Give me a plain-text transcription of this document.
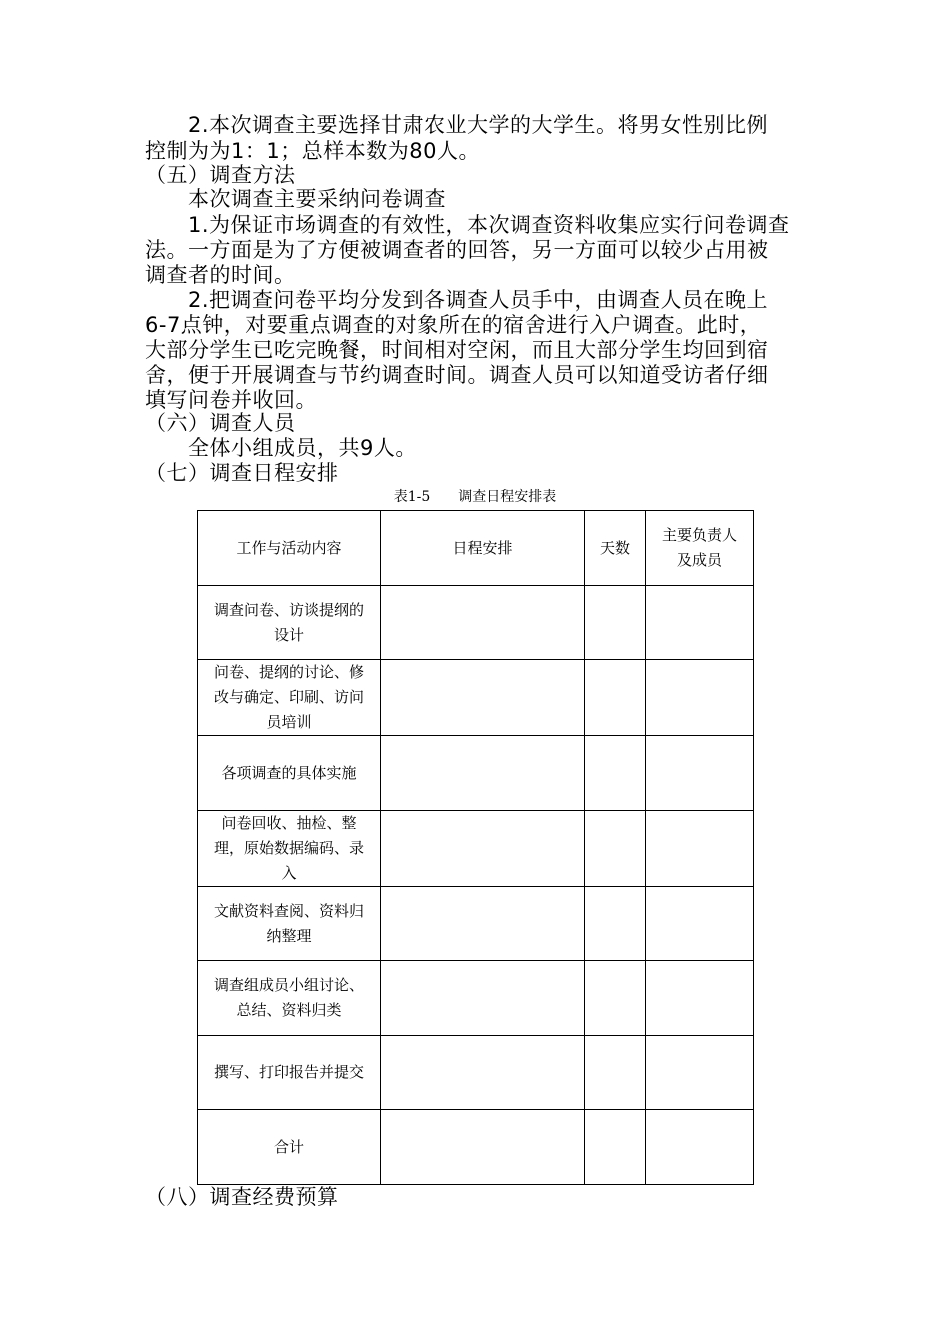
　　2.本次调查主要选择甘肃农业大学的大学生。将男女性别比例
控制为为1：1；总样本数为80人。
（五）调查方法
　　本次调查主要采纳问卷调查
　　1.为保证市场调查的有效性，本次调查资料收集应实行问卷调查
法。一方面是为了方便被调查者的回答，另一方面可以较少占用被
调查者的时间。
　　2.把调查问卷平均分发到各调查人员手中，由调查人员在晚上
6-7点钟，对要重点调查的对象所在的宿舍进行入户调查。此时，
大部分学生已吃完晚餐，时间相对空闲，而且大部分学生均回到宿
舍，便于开展调查与节约调查时间。调查人员可以知道受访者仔细
填写问卷并收回。
（六）调查人员
　　全体小组成员，共9人。
（七）调查日程安排
表1-5　　调查日程安排表
工作与活动内容	日程安排	天数	主要负责人及成员
调查问卷、访谈提纲的设计			
问卷、提纲的讨论、修改与确定、印刷、访问员培训			
各项调查的具体实施			
问卷回收、抽检、整理，原始数据编码、录入			
文献资料查阅、资料归纳整理			
调查组成员小组讨论、总结、资料归类			
撰写、打印报告并提交			
合计			
（八）调查经费预算
